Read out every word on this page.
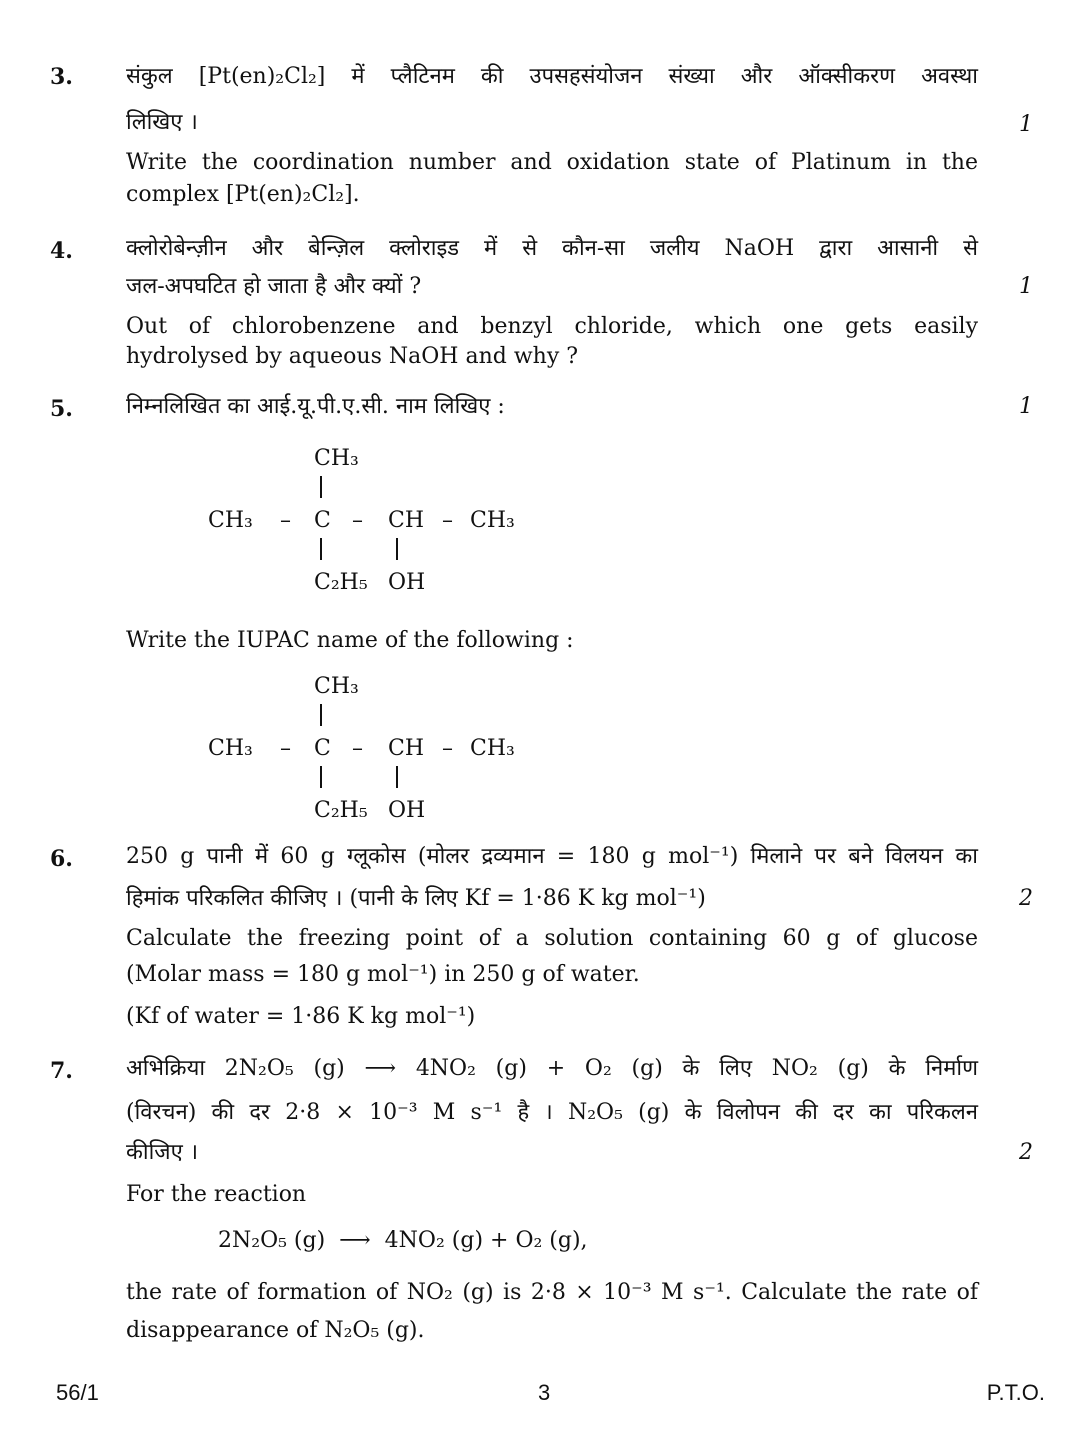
3. संकुल [Pt(en)₂Cl₂] में प्लैटिनम की उपसहसंयोजन संख्या और ऑक्सीकरण अवस्था
लिखिए ।	1
Write the coordination number and oxidation state of Platinum in the
complex [Pt(en)₂Cl₂].
4. क्लोरोबेन्ज़ीन और बेन्ज़िल क्लोराइड में से कौन-सा जलीय NaOH द्वारा आसानी से
जल-अपघटित हो जाता है और क्यों ?	1
Out of chlorobenzene and benzyl chloride, which one gets easily
hydrolysed by aqueous NaOH and why ?
5. निम्नलिखित का आई.यू.पी.ए.सी. नाम लिखिए :	1
CH₃
CH₃ – C – CH – CH₃
C₂H₅ OH
Write the IUPAC name of the following :
CH₃
CH₃ – C – CH – CH₃
C₂H₅ OH
6. 250 g पानी में 60 g ग्लूकोस (मोलर द्रव्यमान = 180 g mol⁻¹) मिलाने पर बने विलयन का
हिमांक परिकलित कीजिए । (पानी के लिए Kf = 1·86 K kg mol⁻¹)	2
Calculate the freezing point of a solution containing 60 g of glucose
(Molar mass = 180 g mol⁻¹) in 250 g of water.
(Kf of water = 1·86 K kg mol⁻¹)
7. अभिक्रिया 2N₂O₅ (g) ⟶ 4NO₂ (g) + O₂ (g) के लिए NO₂ (g) के निर्माण
(विरचन) की दर 2·8 × 10⁻³ M s⁻¹ है । N₂O₅ (g) के विलोपन की दर का परिकलन
कीजिए ।	2
For the reaction
2N₂O₅ (g)  ⟶  4NO₂ (g) + O₂ (g),
the rate of formation of NO₂ (g) is 2·8 × 10⁻³ M s⁻¹. Calculate the rate of
disappearance of N₂O₅ (g).
56/1	3	P.T.O.
